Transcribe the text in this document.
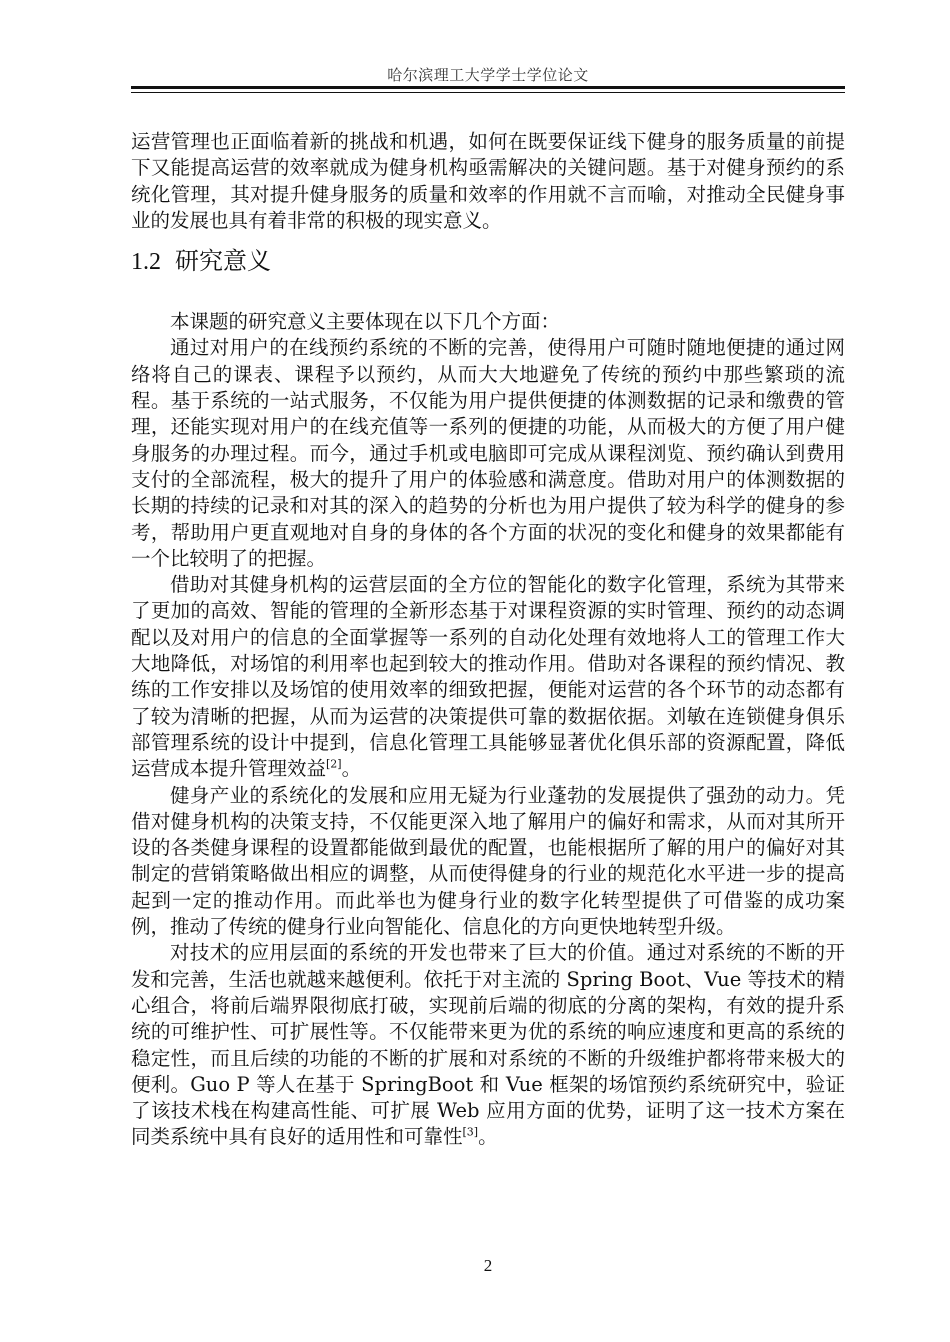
哈尔滨理工大学学士学位论文

运营管理也正面临着新的挑战和机遇，如何在既要保证线下健身的服务质量的前提下又能提高运营的效率就成为健身机构亟需解决的关键问题。基于对健身预约的系统化管理，其对提升健身服务的质量和效率的作用就不言而喻，对推动全民健身事业的发展也具有着非常的积极的现实意义。

1.2 研究意义

本课题的研究意义主要体现在以下几个方面：

通过对用户的在线预约系统的不断的完善，使得用户可随时随地便捷的通过网络将自己的课表、课程予以预约，从而大大地避免了传统的预约中那些繁琐的流程。基于系统的一站式服务，不仅能为用户提供便捷的体测数据的记录和缴费的管理，还能实现对用户的在线充值等一系列的便捷的功能，从而极大的方便了用户健身服务的办理过程。而今，通过手机或电脑即可完成从课程浏览、预约确认到费用支付的全部流程，极大的提升了用户的体验感和满意度。借助对用户的体测数据的长期的持续的记录和对其的深入的趋势的分析也为用户提供了较为科学的健身的参考，帮助用户更直观地对自身的身体的各个方面的状况的变化和健身的效果都能有一个比较明了的把握。

借助对其健身机构的运营层面的全方位的智能化的数字化管理，系统为其带来了更加的高效、智能的管理的全新形态基于对课程资源的实时管理、预约的动态调配以及对用户的信息的全面掌握等一系列的自动化处理有效地将人工的管理工作大大地降低，对场馆的利用率也起到较大的推动作用。借助对各课程的预约情况、教练的工作安排以及场馆的使用效率的细致把握，便能对运营的各个环节的动态都有了较为清晰的把握，从而为运营的决策提供可靠的数据依据。刘敏在连锁健身俱乐部管理系统的设计中提到，信息化管理工具能够显著优化俱乐部的资源配置，降低运营成本提升管理效益[2]。

健身产业的系统化的发展和应用无疑为行业蓬勃的发展提供了强劲的动力。凭借对健身机构的决策支持，不仅能更深入地了解用户的偏好和需求，从而对其所开设的各类健身课程的设置都能做到最优的配置，也能根据所了解的用户的偏好对其制定的营销策略做出相应的调整，从而使得健身的行业的规范化水平进一步的提高起到一定的推动作用。而此举也为健身行业的数字化转型提供了可借鉴的成功案例，推动了传统的健身行业向智能化、信息化的方向更快地转型升级。

对技术的应用层面的系统的开发也带来了巨大的价值。通过对系统的不断的开发和完善，生活也就越来越便利。依托于对主流的 Spring Boot、Vue 等技术的精心组合，将前后端界限彻底打破，实现前后端的彻底的分离的架构，有效的提升系统的可维护性、可扩展性等。不仅能带来更为优的系统的响应速度和更高的系统的稳定性，而且后续的功能的不断的扩展和对系统的不断的升级维护都将带来极大的便利。Guo P 等人在基于 SpringBoot 和 Vue 框架的场馆预约系统研究中，验证了该技术栈在构建高性能、可扩展 Web 应用方面的优势，证明了这一技术方案在同类系统中具有良好的适用性和可靠性[3]。

2
